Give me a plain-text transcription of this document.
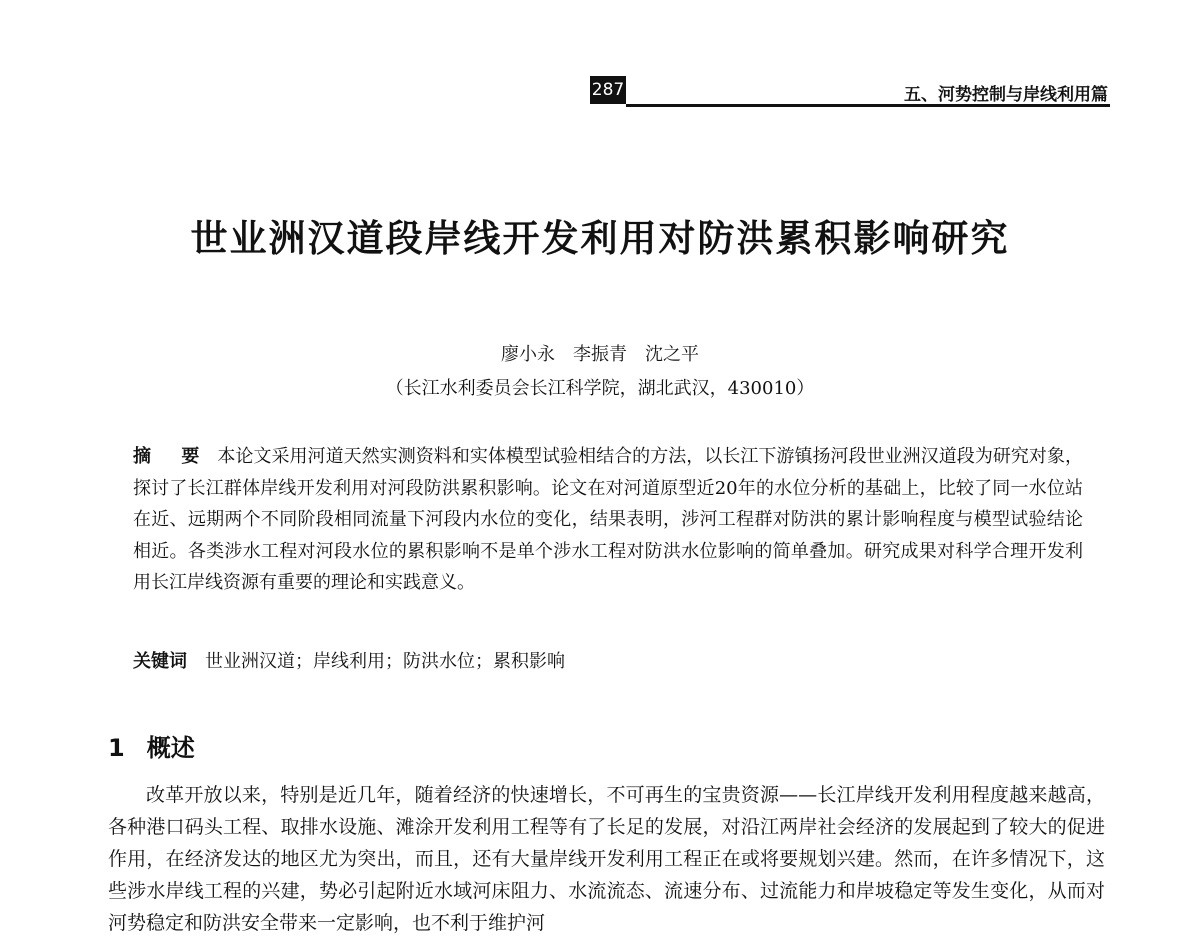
287	五、河势控制与岸线利用篇
世业洲汉道段岸线开发利用对防洪累积影响研究
廖小永　李振青　沈之平
（长江水利委员会长江科学院，湖北武汉，430010）
摘 要 本论文采用河道天然实测资料和实体模型试验相结合的方法，以长江下游镇扬河段世业洲汉道段为研究对象，探讨了长江群体岸线开发利用对河段防洪累积影响。论文在对河道原型近20年的水位分析的基础上，比较了同一水位站在近、远期两个不同阶段相同流量下河段内水位的变化，结果表明，涉河工程群对防洪的累计影响程度与模型试验结论相近。各类涉水工程对河段水位的累积影响不是单个涉水工程对防洪水位影响的简单叠加。研究成果对科学合理开发利用长江岸线资源有重要的理论和实践意义。
关键词 世业洲汉道；岸线利用；防洪水位；累积影响
1 概述
改革开放以来，特别是近几年，随着经济的快速增长，不可再生的宝贵资源——长江岸线开发利用程度越来越高，各种港口码头工程、取排水设施、滩涂开发利用工程等有了长足的发展，对沿江两岸社会经济的发展起到了较大的促进作用，在经济发达的地区尤为突出，而且，还有大量岸线开发利用工程正在或将要规划兴建。然而，在许多情况下，这些涉水岸线工程的兴建，势必引起附近水域河床阻力、水流流态、流速分布、过流能力和岸坡稳定等发生变化，从而对河势稳定和防洪安全带来一定影响，也不利于维护河
